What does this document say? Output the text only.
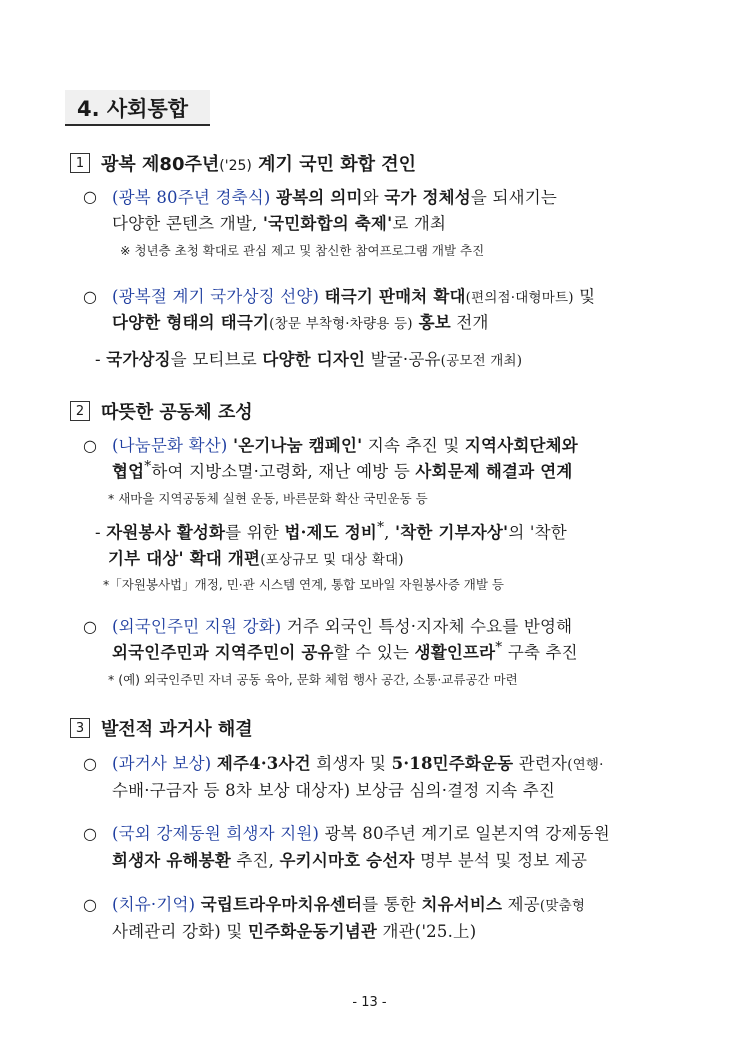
4. 사회통합
1 광복 제80주년('25) 계기 국민 화합 견인
○ (광복 80주년 경축식) 광복의 의미와 국가 정체성을 되새기는
다양한 콘텐츠 개발, '국민화합의 축제'로 개최
※ 청년층 초청 확대로 관심 제고 및 참신한 참여프로그램 개발 추진
○ (광복절 계기 국가상징 선양) 태극기 판매처 확대(편의점·대형마트) 및
다양한 형태의 태극기(창문 부착형·차량용 등) 홍보 전개
- 국가상징을 모티브로 다양한 디자인 발굴·공유(공모전 개최)
2 따뜻한 공동체 조성
○ (나눔문화 확산) '온기나눔 캠페인' 지속 추진 및 지역사회단체와
협업*하여 지방소멸·고령화, 재난 예방 등 사회문제 해결과 연계
* 새마을 지역공동체 실현 운동, 바른문화 확산 국민운동 등
- 자원봉사 활성화를 위한 법·제도 정비*, '착한 기부자상'의 '착한
기부 대상' 확대 개편(포상규모 및 대상 확대)
*「자원봉사법」개정, 민·관 시스템 연계, 통합 모바일 자원봉사증 개발 등
○ (외국인주민 지원 강화) 거주 외국인 특성·지자체 수요를 반영해
외국인주민과 지역주민이 공유할 수 있는 생활인프라* 구축 추진
* (예) 외국인주민 자녀 공동 육아, 문화 체험 행사 공간, 소통·교류공간 마련
3 발전적 과거사 해결
○ (과거사 보상) 제주4·3사건 희생자 및 5·18민주화운동 관련자(연행·
수배·구금자 등 8차 보상 대상자) 보상금 심의·결정 지속 추진
○ (국외 강제동원 희생자 지원) 광복 80주년 계기로 일본지역 강제동원
희생자 유해봉환 추진, 우키시마호 승선자 명부 분석 및 정보 제공
○ (치유·기억) 국립트라우마치유센터를 통한 치유서비스 제공(맞춤형
사례관리 강화) 및 민주화운동기념관 개관('25.上)
- 13 -
